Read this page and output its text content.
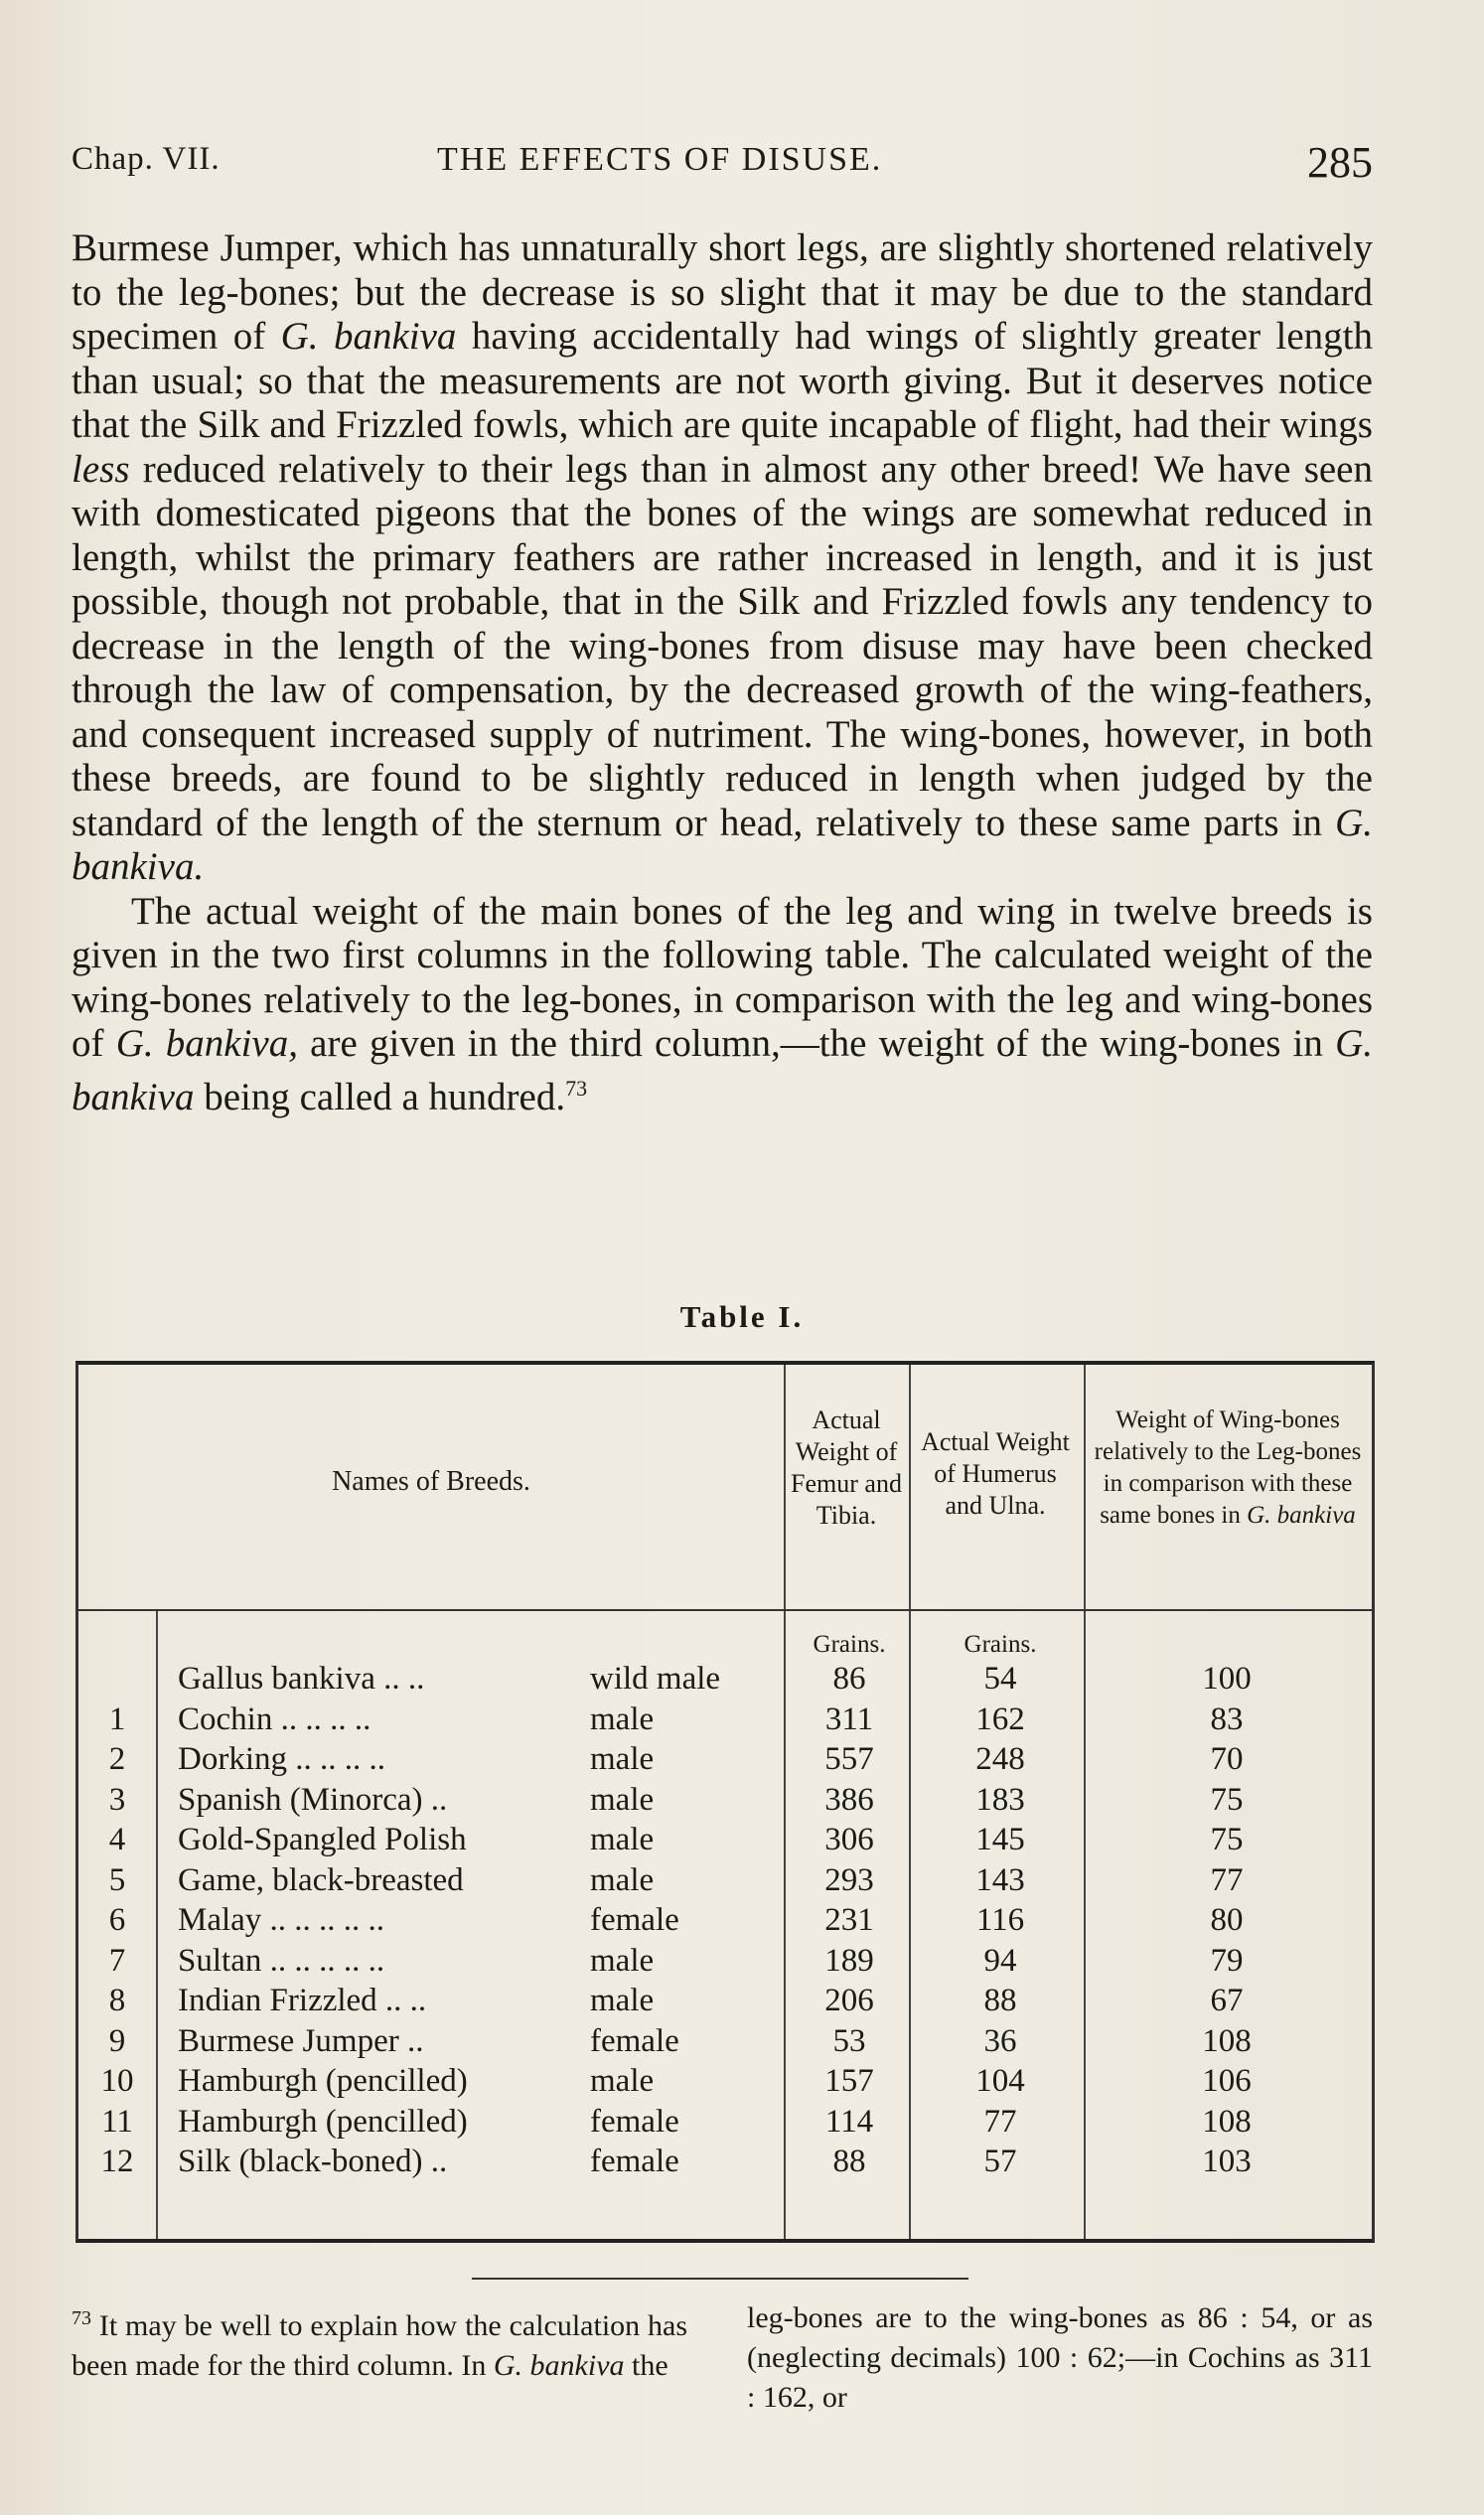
Chap. VII.	THE EFFECTS OF DISUSE.	285

Burmese Jumper, which has unnaturally short legs, are slightly shortened relatively to the leg-bones; but the decrease is so slight that it may be due to the standard specimen of G. bankiva having accidentally had wings of slightly greater length than usual; so that the measurements are not worth giving. But it deserves notice that the Silk and Frizzled fowls, which are quite incapable of flight, had their wings less reduced relatively to their legs than in almost any other breed! We have seen with domesticated pigeons that the bones of the wings are somewhat reduced in length, whilst the primary feathers are rather increased in length, and it is just possible, though not probable, that in the Silk and Frizzled fowls any tendency to decrease in the length of the wing-bones from disuse may have been checked through the law of compensation, by the decreased growth of the wing-feathers, and consequent increased supply of nutriment. The wing-bones, however, in both these breeds, are found to be slightly reduced in length when judged by the standard of the length of the sternum or head, relatively to these same parts in G. bankiva.

The actual weight of the main bones of the leg and wing in twelve breeds is given in the two first columns in the following table. The calculated weight of the wing-bones relatively to the leg-bones, in comparison with the leg and wing-bones of G. bankiva, are given in the third column,—the weight of the wing-bones in G. bankiva being called a hundred.$^{73}$

Table I.
Names of Breeds.
Actual Weight of Femur and Tibia.
Actual Weight of Humerus and Ulna.
Weight of Wing-bones relatively to the Leg-bones in comparison with these same bones in G. bankiva
Grains.	Grains.
Gallus bankiva .. ..	wild male	86	54	100
1	Cochin .. .. .. ..	male	311	162	83
2	Dorking .. .. .. ..	male	557	248	70
3	Spanish (Minorca) ..	male	386	183	75
4	Gold-Spangled Polish	male	306	145	75
5	Game, black-breasted	male	293	143	77
6	Malay .. .. .. .. ..	female	231	116	80
7	Sultan .. .. .. .. ..	male	189	94	79
8	Indian Frizzled .. ..	male	206	88	67
9	Burmese Jumper ..	female	53	36	108
10	Hamburgh (pencilled)	male	157	104	106
11	Hamburgh (pencilled)	female	114	77	108
12	Silk (black-boned) ..	female	88	57	103
$^{73}$ It may be well to explain how the calculation has been made for the third column. In G. bankiva the
leg-bones are to the wing-bones as 86 : 54, or as (neglecting decimals) 100 : 62;—in Cochins as 311 : 162, or
